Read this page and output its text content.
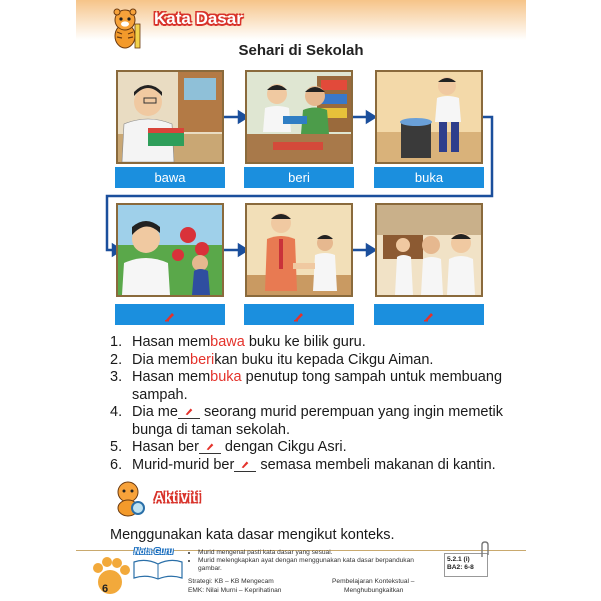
Kata Dasar
Sehari di Sekolah
bawa	beri	buka
1. Hasan membawa buku ke bilik guru.
2. Dia memberikan buku itu kepada Cikgu Aiman.
3. Hasan membuka penutup tong sampah untuk membuang sampah.
4. Dia me seorang murid perempuan yang ingin memetik bunga di taman sekolah.
5. Hasan ber dengan Cikgu Asri.
6. Murid-murid ber semasa membeli makanan di kantin.
Aktiviti
Menggunakan kata dasar mengikut konteks.
6
Nota Guru
•	Murid mengenal pasti kata dasar yang sesuai.
• Murid melengkapkan ayat dengan menggunakan kata dasar berpandukan gambar.
Strategi: KB – KB Mengecam
EMK: Nilai Murni – Keprihatinan
Pembelajaran Kontekstual –
Menghubungkaitkan
5.2.1 (i)
BA2: 6-8
